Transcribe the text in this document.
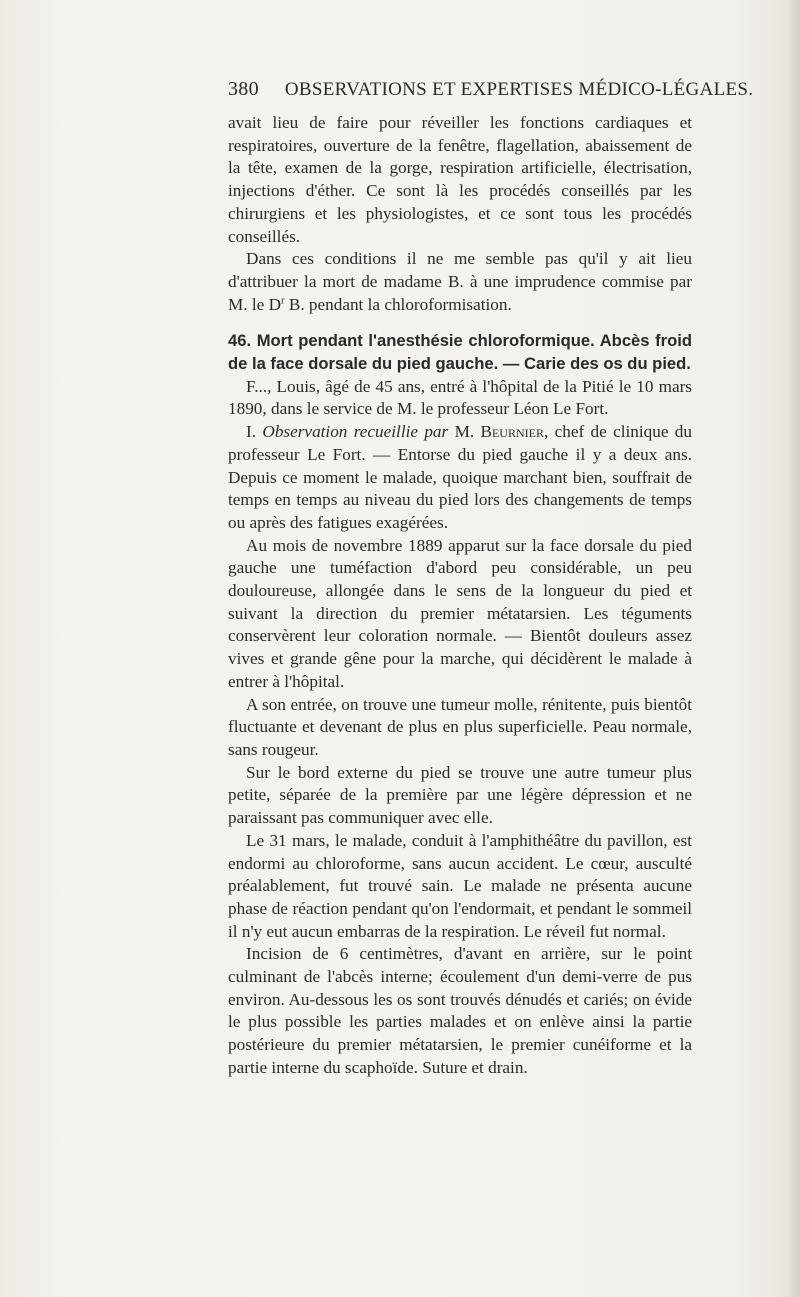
380 OBSERVATIONS ET EXPERTISES MÉDICO-LÉGALES.

avait lieu de faire pour réveiller les fonctions cardiaques et respiratoires, ouverture de la fenêtre, flagellation, abaissement de la tête, examen de la gorge, respiration artificielle, électrisation, injections d'éther. Ce sont là les procédés conseillés par les chirurgiens et les physiologistes, et ce sont tous les procédés conseillés.

Dans ces conditions il ne me semble pas qu'il y ait lieu d'attribuer la mort de madame B. à une imprudence commise par M. le $D^r$ B. pendant la chloroformisation.

46. Mort pendant l'anesthésie chloroformique. Abcès froid de la face dorsale du pied gauche. — Carie des os du pied.

F..., Louis, âgé de 45 ans, entré à l'hôpital de la Pitié le 10 mars 1890, dans le service de M. le professeur Léon Le Fort.

I. Observation recueillie par M. Beurnier, chef de clinique du professeur Le Fort. — Entorse du pied gauche il y a deux ans. Depuis ce moment le malade, quoique marchant bien, souffrait de temps en temps au niveau du pied lors des changements de temps ou après des fatigues exagérées.

Au mois de novembre 1889 apparut sur la face dorsale du pied gauche une tuméfaction d'abord peu considérable, un peu douloureuse, allongée dans le sens de la longueur du pied et suivant la direction du premier métatarsien. Les téguments conservèrent leur coloration normale. — Bientôt douleurs assez vives et grande gêne pour la marche, qui décidèrent le malade à entrer à l'hôpital.

A son entrée, on trouve une tumeur molle, rénitente, puis bientôt fluctuante et devenant de plus en plus superficielle. Peau normale, sans rougeur.

Sur le bord externe du pied se trouve une autre tumeur plus petite, séparée de la première par une légère dépression et ne paraissant pas communiquer avec elle.

Le 31 mars, le malade, conduit à l'amphithéâtre du pavillon, est endormi au chloroforme, sans aucun accident. Le cœur, ausculté préalablement, fut trouvé sain. Le malade ne présenta aucune phase de réaction pendant qu'on l'endormait, et pendant le sommeil il n'y eut aucun embarras de la respiration. Le réveil fut normal.

Incision de 6 centimètres, d'avant en arrière, sur le point culminant de l'abcès interne; écoulement d'un demi-verre de pus environ. Au-dessous les os sont trouvés dénudés et cariés; on évide le plus possible les parties malades et on enlève ainsi la partie postérieure du premier métatarsien, le premier cunéiforme et la partie interne du scaphoïde. Suture et drain.
